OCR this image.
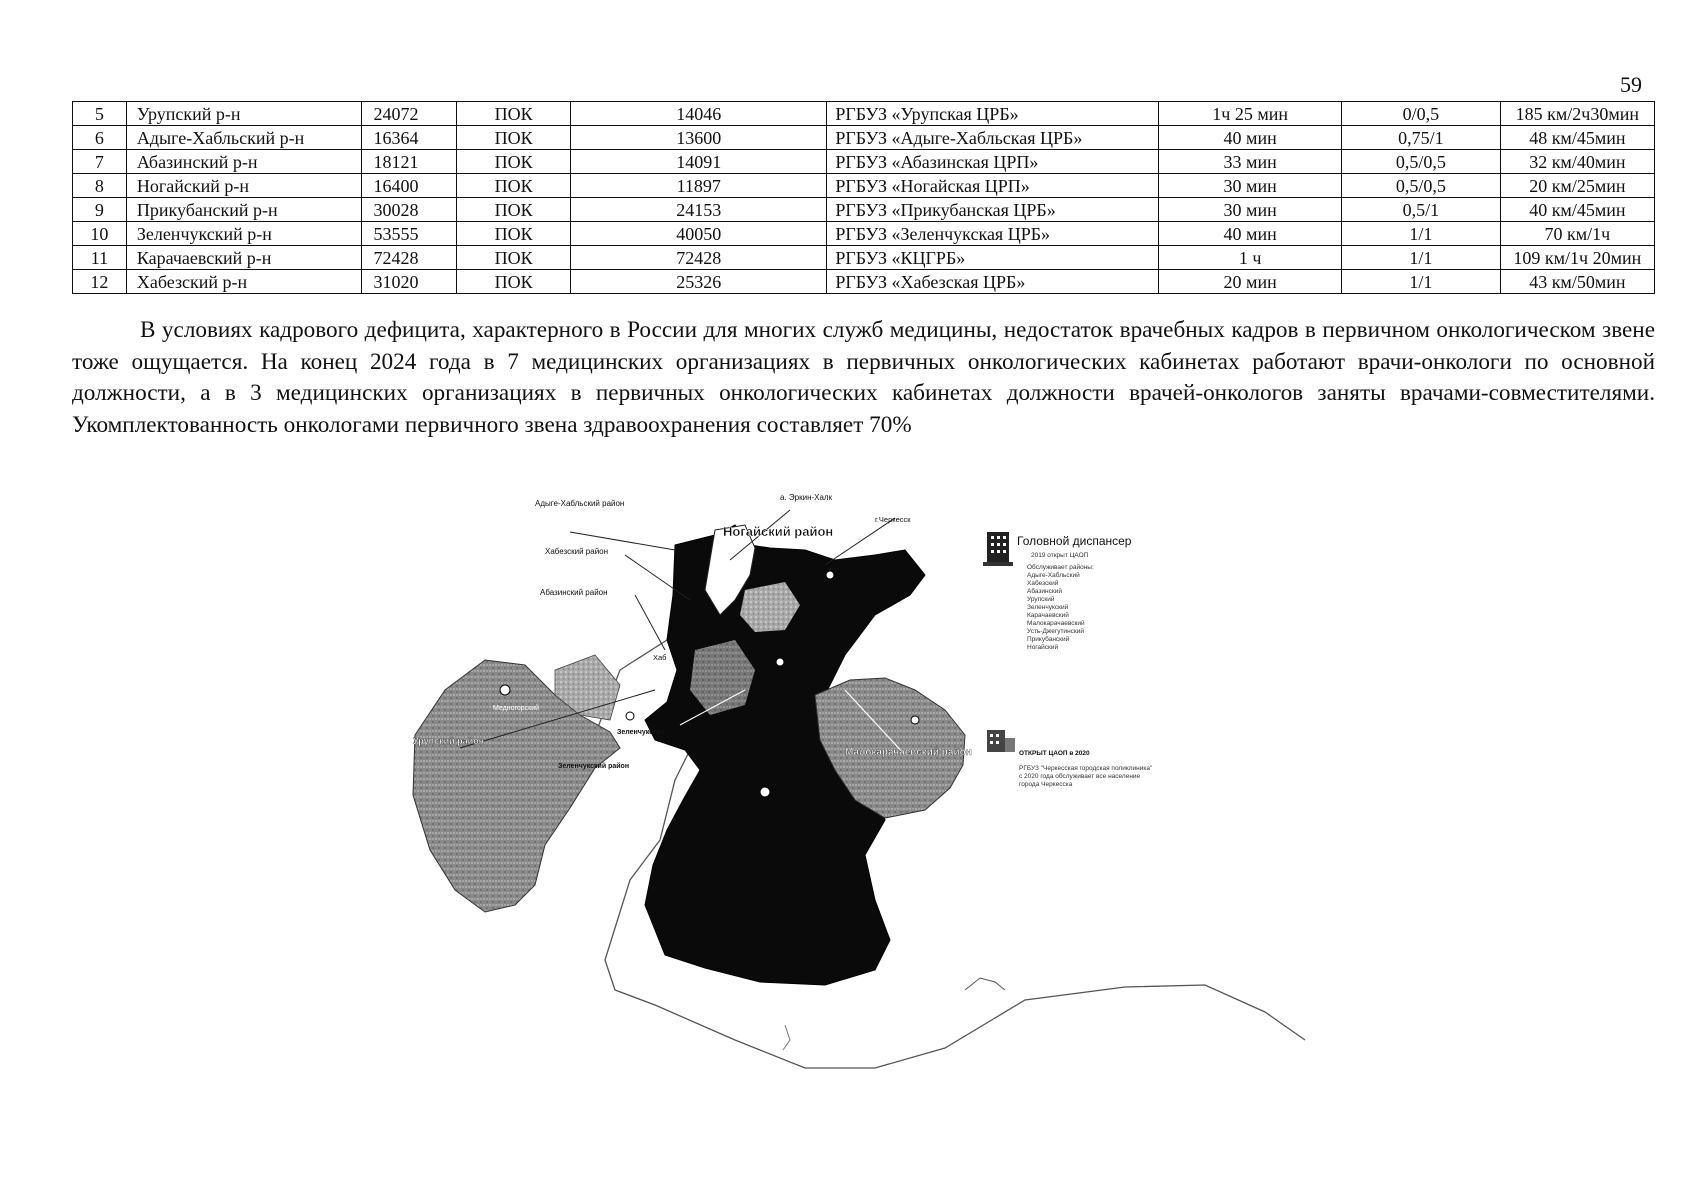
59
5	Урупский р-н	24072	ПОК	14046	РГБУЗ «Урупская ЦРБ»	1ч 25 мин	0/0,5	185 км/2ч30мин
6	Адыге-Хабльский р-н	16364	ПОК	13600	РГБУЗ «Адыге-Хабльская ЦРБ»	40 мин	0,75/1	48 км/45мин
7	Абазинский р-н	18121	ПОК	14091	РГБУЗ «Абазинская ЦРП»	33 мин	0,5/0,5	32 км/40мин
8	Ногайский р-н	16400	ПОК	11897	РГБУЗ «Ногайская ЦРП»	30 мин	0,5/0,5	20 км/25мин
9	Прикубанский р-н	30028	ПОК	24153	РГБУЗ «Прикубанская ЦРБ»	30 мин	0,5/1	40 км/45мин
10	Зеленчукский р-н	53555	ПОК	40050	РГБУЗ «Зеленчукская ЦРБ»	40 мин	1/1	70 км/1ч
11	Карачаевский р-н	72428	ПОК	72428	РГБУЗ «КЦГРБ»	1 ч	1/1	109 км/1ч 20мин
12	Хабезский р-н	31020	ПОК	25326	РГБУЗ «Хабезская ЦРБ»	20 мин	1/1	43 км/50мин

В условиях кадрового дефицита, характерного в России для многих служб медицины, недостаток врачебных кадров в первичном онкологическом звене тоже ощущается. На конец 2024 года в 7 медицинских организациях в первичных онкологических кабинетах работают врачи-онкологи по основной должности, а в 3 медицинских организациях в первичных онкологических кабинетах должности врачей-онкологов заняты врачами-совместителями. Укомплектованность онкологами первичного звена здравоохранения составляет 70%

Адыге-Хабльский район
а. Эркин-Халк
Ногайский район
г.Черкесск
Хабезский район
Абазинский район
Хаб
Медногорский
Урупский район
Зеленчукская
Зеленчукский район
Малокарачаевский район
Головной диспансер
2019 открыт ЦАОП
Обслуживает районы:
Адыге-Хабльский
Хабезский
Абазинский
Урупский
Зеленчукский
Карачаевский
Малокарачаевский
Усть-Джегутинский
Прикубанский
Ногайский
ОТКРЫТ ЦАОП в 2020
РГБУЗ "Черкесская городская поликлиника"
с 2020 года обслуживает все население
города Черкесска
